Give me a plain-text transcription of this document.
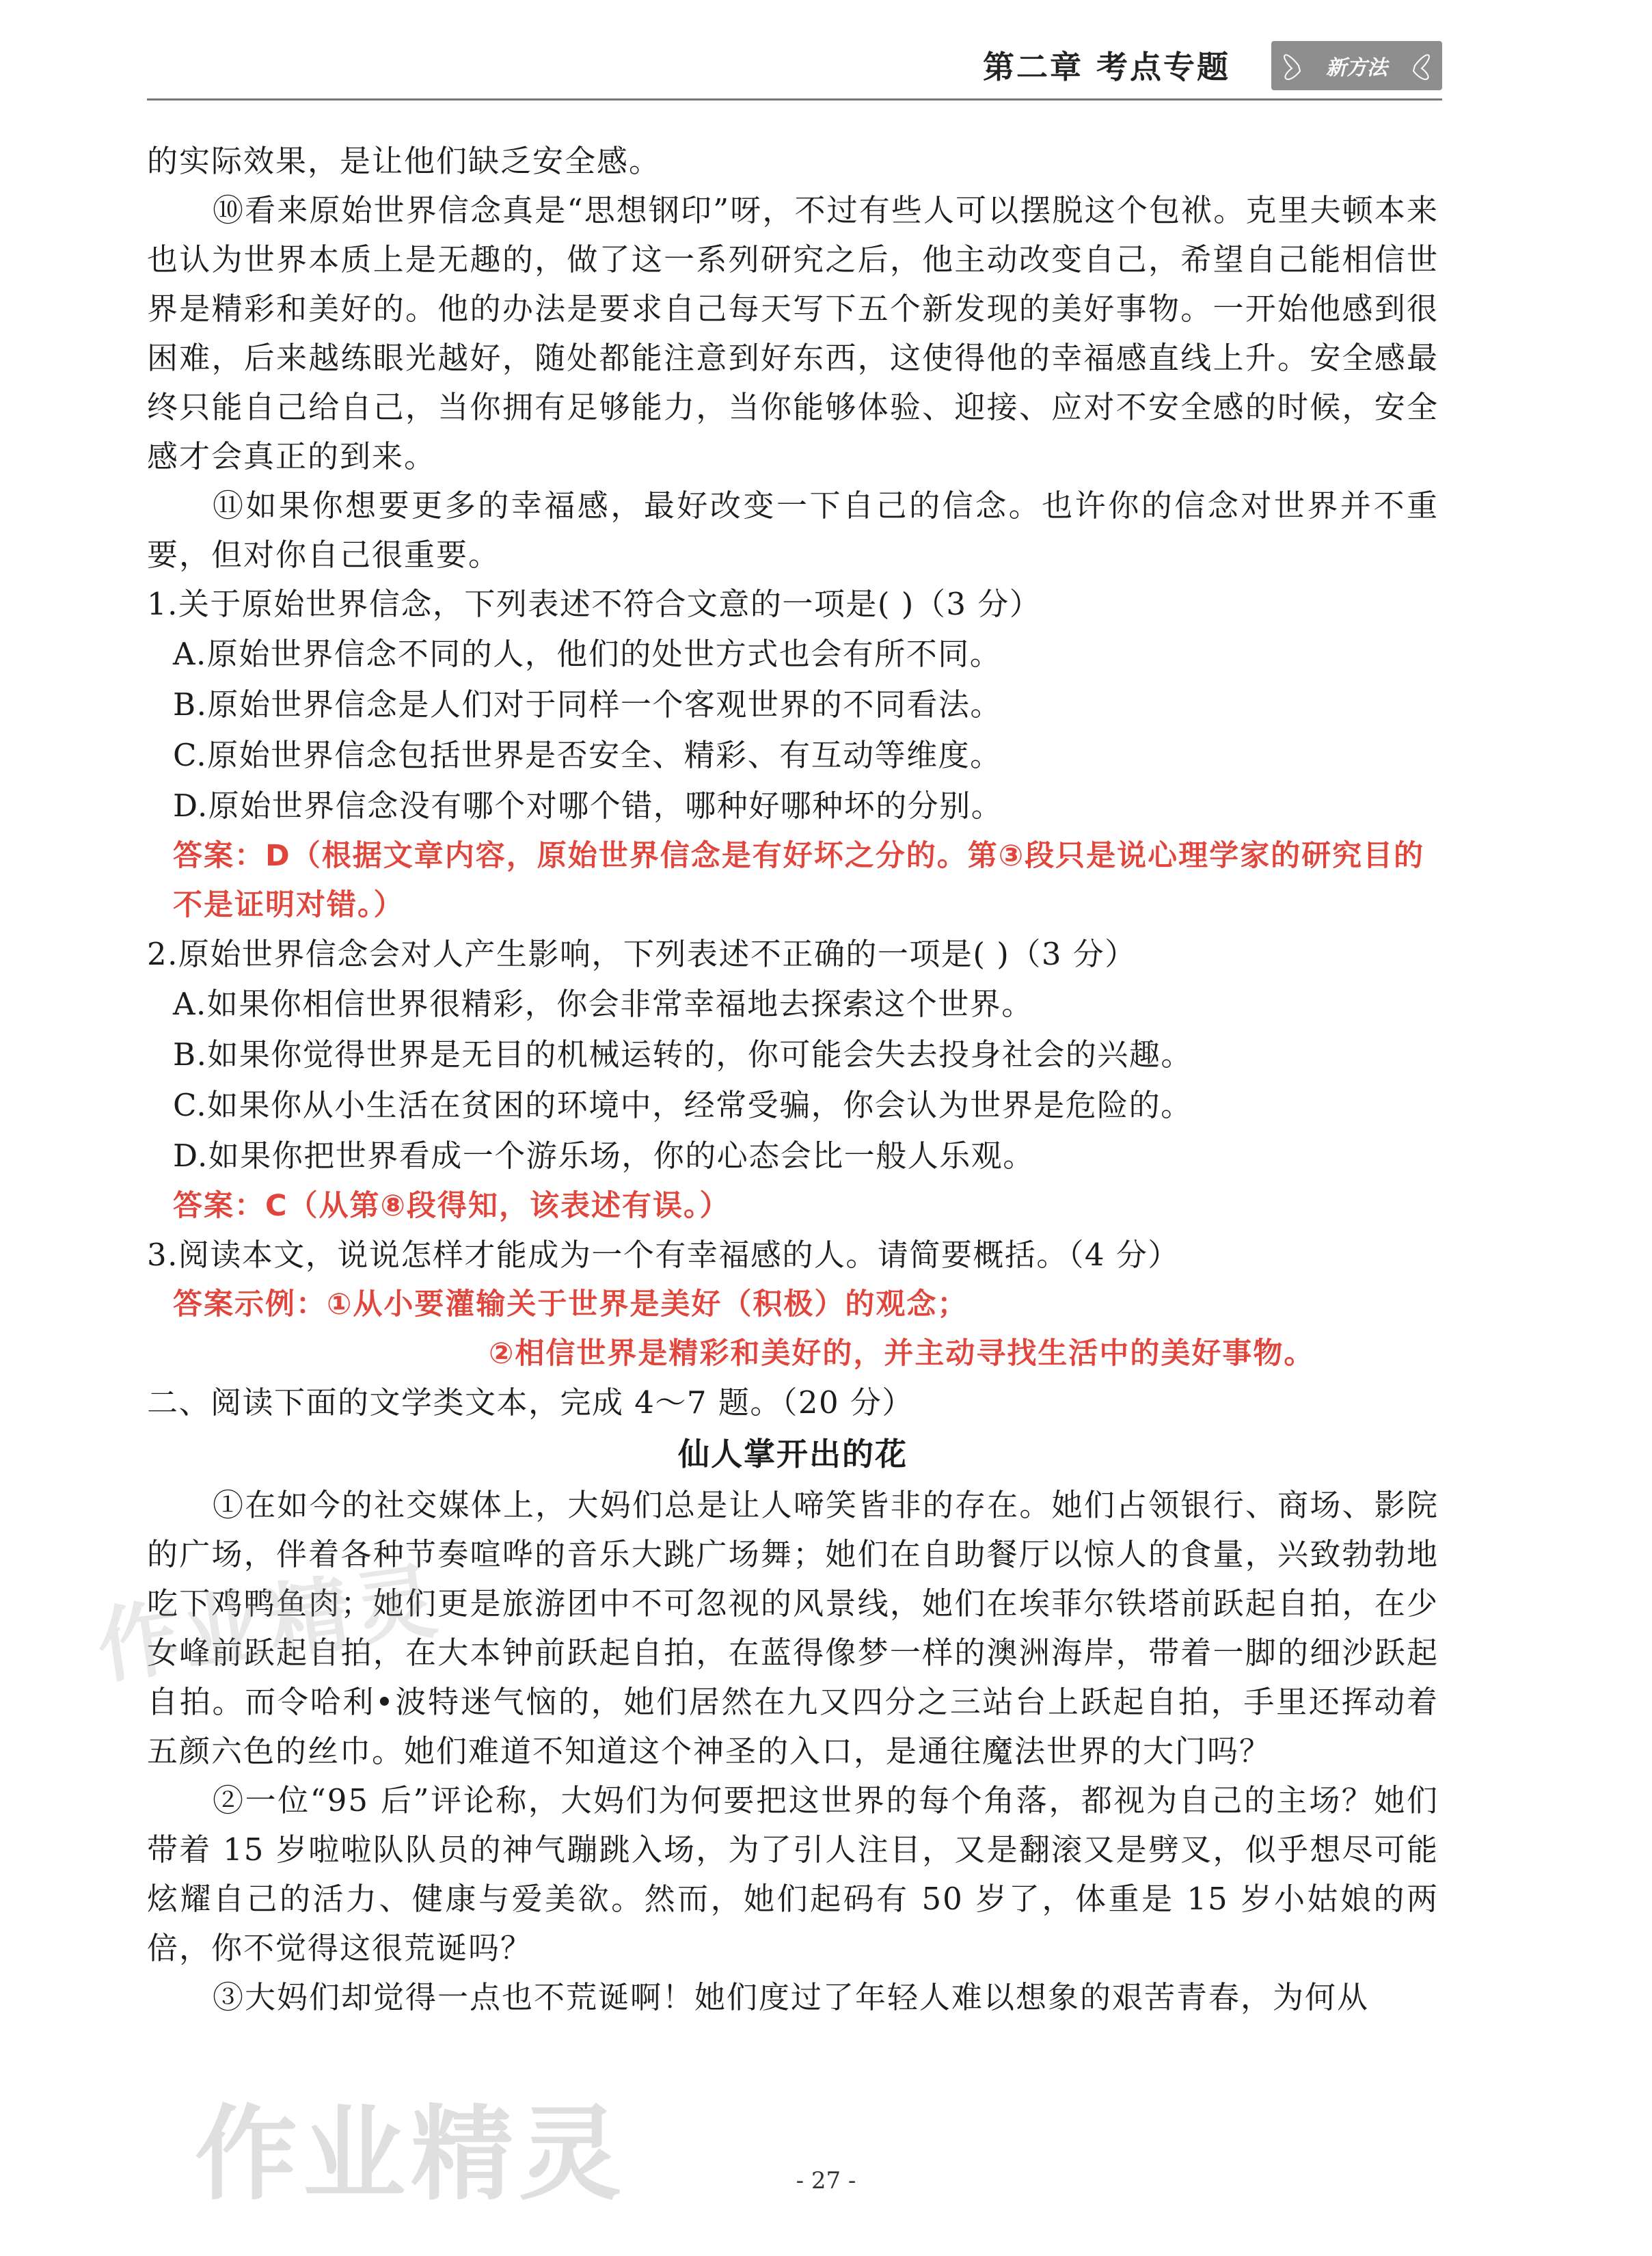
第二章 考点专题	新方法

的实际效果，是让他们缺乏安全感。

⑩看来原始世界信念真是“思想钢印”呀，不过有些人可以摆脱这个包袱。克里夫顿本来也认为世界本质上是无趣的，做了这一系列研究之后，他主动改变自己，希望自己能相信世界是精彩和美好的。他的办法是要求自己每天写下五个新发现的美好事物。一开始他感到很困难，后来越练眼光越好，随处都能注意到好东西，这使得他的幸福感直线上升。安全感最终只能自己给自己，当你拥有足够能力，当你能够体验、迎接、应对不安全感的时候，安全感才会真正的到来。

⑪如果你想要更多的幸福感，最好改变一下自己的信念。也许你的信念对世界并不重要，但对你自己很重要。

1.关于原始世界信念，下列表述不符合文意的一项是( )（3 分）

A.原始世界信念不同的人，他们的处世方式也会有所不同。

B.原始世界信念是人们对于同样一个客观世界的不同看法。

C.原始世界信念包括世界是否安全、精彩、有互动等维度。

D.原始世界信念没有哪个对哪个错，哪种好哪种坏的分别。

答案：D（根据文章内容，原始世界信念是有好坏之分的。第③段只是说心理学家的研究目的不是证明对错。）

2.原始世界信念会对人产生影响，下列表述不正确的一项是( )（3 分）

A.如果你相信世界很精彩，你会非常幸福地去探索这个世界。

B.如果你觉得世界是无目的机械运转的，你可能会失去投身社会的兴趣。

C.如果你从小生活在贫困的环境中，经常受骗，你会认为世界是危险的。

D.如果你把世界看成一个游乐场，你的心态会比一般人乐观。

答案：C（从第⑧段得知，该表述有误。）

3.阅读本文，说说怎样才能成为一个有幸福感的人。请简要概括。（4 分）

答案示例：①从小要灌输关于世界是美好（积极）的观念；

②相信世界是精彩和美好的，并主动寻找生活中的美好事物。

二、阅读下面的文学类文本，完成 4～7 题。（20 分）

仙人掌开出的花

①在如今的社交媒体上，大妈们总是让人啼笑皆非的存在。她们占领银行、商场、影院的广场，伴着各种节奏喧哗的音乐大跳广场舞；她们在自助餐厅以惊人的食量，兴致勃勃地吃下鸡鸭鱼肉；她们更是旅游团中不可忽视的风景线，她们在埃菲尔铁塔前跃起自拍，在少女峰前跃起自拍，在大本钟前跃起自拍，在蓝得像梦一样的澳洲海岸，带着一脚的细沙跃起自拍。而令哈利•波特迷气恼的，她们居然在九又四分之三站台上跃起自拍，手里还挥动着五颜六色的丝巾。她们难道不知道这个神圣的入口，是通往魔法世界的大门吗？

②一位“95 后”评论称，大妈们为何要把这世界的每个角落，都视为自己的主场？她们带着 15 岁啦啦队队员的神气蹦跳入场，为了引人注目，又是翻滚又是劈叉，似乎想尽可能炫耀自己的活力、健康与爱美欲。然而，她们起码有 50 岁了，体重是 15 岁小姑娘的两倍，你不觉得这很荒诞吗？

③大妈们却觉得一点也不荒诞啊！她们度过了年轻人难以想象的艰苦青春，为何从

作业精灵
作业精灵	- 27 -
